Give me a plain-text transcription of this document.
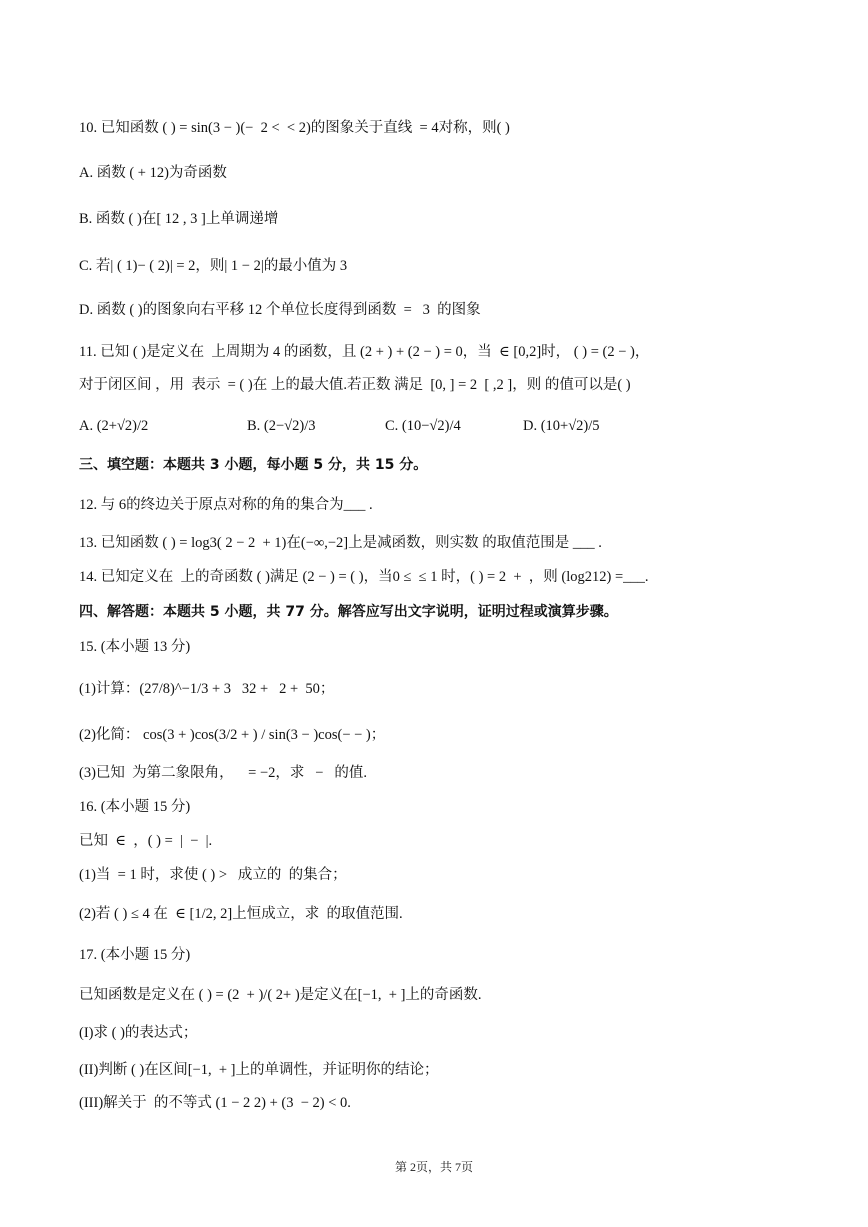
10. 已知函数 ( ) = sin(3 − )(−  2 <  < 2)的图象关于直线  = 4对称，则( )
A. 函数 ( + 12)为奇函数
B. 函数 ( )在[ 12 , 3 ]上单调递增
C. 若| ( 1)− ( 2)| = 2，则| 1 − 2|的最小值为 3
D. 函数 ( )的图象向右平移 12 个单位长度得到函数  =   3  的图象
11. 已知 ( )是定义在  上周期为 4 的函数，且 (2 + ) + (2 − ) = 0，当  ∈ [0,2]时， ( ) = (2 − )，
对于闭区间 ，用  表示  = ( )在 上的最大值.若正数 满足  [0, ] = 2  [ ,2 ]，则 的值可以是( )

A. (2+√2)/2

	B. (2−√2)/3

	C. (10−√2)/4

	D. (10+√2)/5

三、填空题：本题共 3 小题，每小题 5 分，共 15 分。
12. 与 6的终边关于原点对称的角的集合为___ .
13. 已知函数 ( ) = log3( 2 − 2  + 1)在(−∞,−2]上是减函数，则实数 的取值范围是 ___ .
14. 已知定义在  上的奇函数 ( )满足 (2 − ) = ( )，当0 ≤  ≤ 1 时，( ) = 2  +  ，则 (log212) =___.
四、解答题：本题共 5 小题，共 77 分。解答应写出文字说明，证明过程或演算步骤。
15. (本小题 13 分)
(1)计算：(27/8)^−1/3 + 3   32 +   2 +  50；
(2)化简： cos(3 + )cos(3/2 + ) / sin(3 − )cos(− − )；
(3)已知  为第二象限角，    = −2，求   −   的值.
16. (本小题 15 分)
已知  ∈  ，( ) =  |  −  |.
(1)当  = 1 时，求使 ( ) >   成立的  的集合；
(2)若 ( ) ≤ 4 在  ∈ [1/2, 2]上恒成立，求  的取值范围.
17. (本小题 15 分)
已知函数是定义在 ( ) = (2  + )/( 2+ )是定义在[−1,  + ]上的奇函数.
(I)求 ( )的表达式；
(II)判断 ( )在区间[−1,  + ]上的单调性，并证明你的结论；
(III)解关于  的不等式 (1 − 2 2) + (3  − 2) < 0.
第 2页，共 7页
